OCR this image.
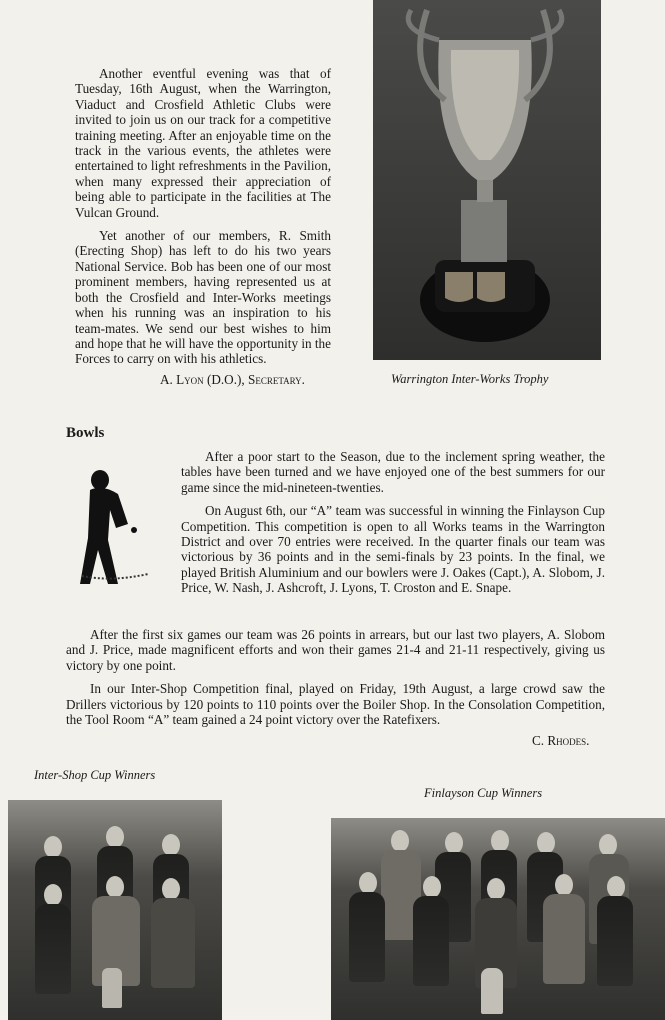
Another eventful evening was that of Tuesday, 16th August, when the Warrington, Viaduct and Crosfield Athletic Clubs were invited to join us on our track for a competitive training meeting. After an enjoyable time on the track in the various events, the athletes were entertained to light refreshments in the Pavilion, when many expressed their appreciation of being able to participate in the facilities at The Vulcan Ground.

Yet another of our members, R. Smith (Erecting Shop) has left to do his two years National Service. Bob has been one of our most prominent members, having represented us at both the Crosfield and Inter-Works meetings when his running was an inspiration to his team-mates. We send our best wishes to him and hope that he will have the opportunity in the Forces to carry on with his athletics.

A. Lyon (D.O.), Secretary.	Warrington Inter-Works Trophy
Bowls

After a poor start to the Season, due to the inclement spring weather, the tables have been turned and we have enjoyed one of the best summers for our game since the mid-nineteen-twenties.

On August 6th, our “A” team was successful in winning the Finlayson Cup Competition. This competition is open to all Works teams in the Warrington District and over 70 entries were received. In the quarter finals our team was victorious by 36 points and in the semi-finals by 23 points. In the final, we played British Aluminium and our bowlers were J. Oakes (Capt.), A. Slobom, J. Price, W. Nash, J. Ashcroft, J. Lyons, T. Croston and E. Snape.

After the first six games our team was 26 points in arrears, but our last two players, A. Slobom and J. Price, made magnificent efforts and won their games 21-4 and 21-11 respectively, giving us victory by one point.

In our Inter-Shop Competition final, played on Friday, 19th August, a large crowd saw the Drillers victorious by 120 points to 110 points over the Boiler Shop. In the Consolation Competition, the Tool Room “A” team gained a 24 point victory over the Ratefixers.

C. Rhodes.
Inter-Shop Cup Winners
Finlayson Cup Winners
